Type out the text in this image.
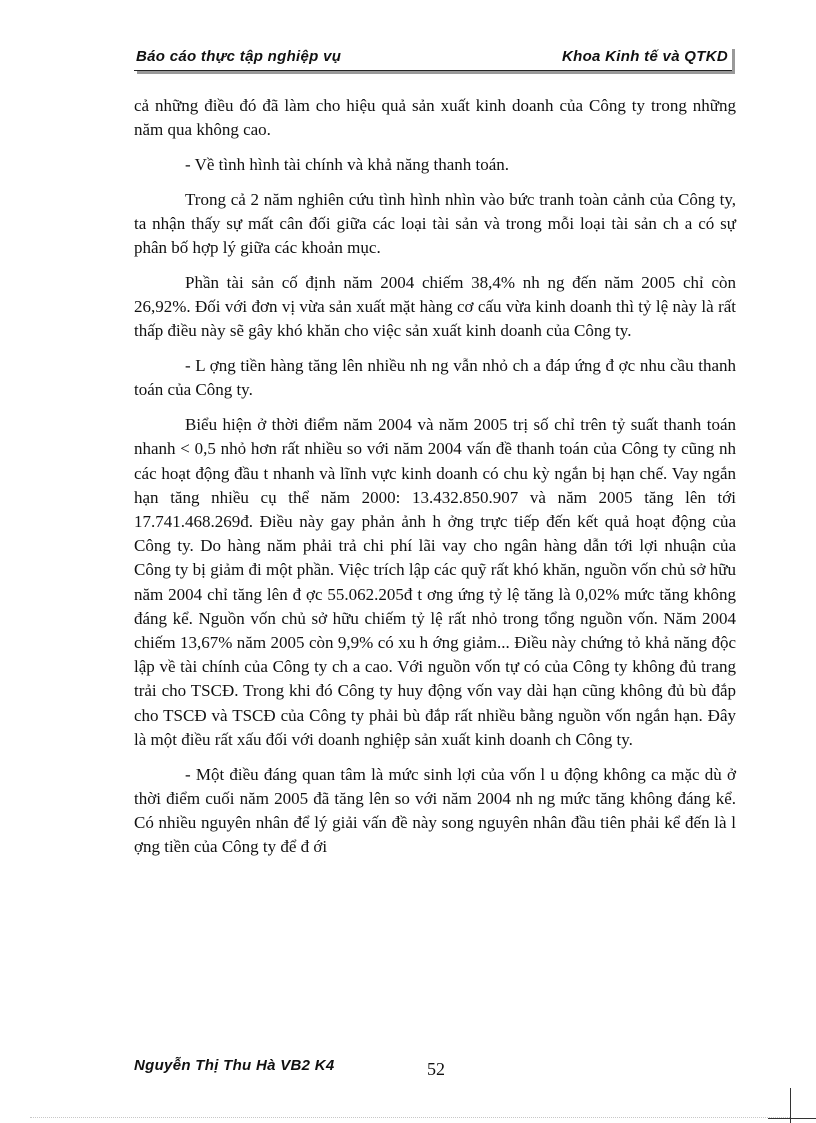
Báo cáo thực tập nghiệp vụ	Khoa Kinh tế và QTKD

cả những điều đó đã làm cho hiệu quả sản xuất kinh doanh của Công ty trong những năm qua không cao.

- Về tình hình tài chính và khả năng thanh toán.

Trong cả 2 năm nghiên cứu tình hình nhìn vào bức tranh toàn cảnh của Công ty, ta nhận thấy sự mất cân đối giữa các loại tài sản và trong mỗi loại tài sản ch a có sự phân bố hợp lý giữa các khoản mục.

Phần tài sản cố định năm 2004 chiếm 38,4% nh ng đến năm 2005 chỉ còn 26,92%. Đối với đơn vị vừa sản xuất mặt hàng cơ cấu vừa kinh doanh thì tỷ lệ này là rất thấp điều này sẽ gây khó khăn cho việc sản xuất kinh doanh của Công ty.

- L ợng tiền hàng tăng lên nhiều nh ng vẫn nhỏ ch a đáp ứng đ ợc nhu cầu thanh toán của Công ty.

Biểu hiện ở thời điểm năm 2004 và năm 2005 trị số chỉ trên tỷ suất thanh toán nhanh < 0,5 nhỏ hơn rất nhiều so với năm 2004 vấn đề thanh toán của Công ty cũng nh các hoạt động đầu t nhanh và lĩnh vực kinh doanh có chu kỳ ngắn bị hạn chế. Vay ngắn hạn tăng nhiều cụ thể năm 2000: 13.432.850.907 và năm 2005 tăng lên tới 17.741.468.269đ. Điều này gay phản ảnh h ởng trực tiếp đến kết quả hoạt động của Công ty. Do hàng năm phải trả chi phí lãi vay cho ngân hàng dẫn tới lợi nhuận của Công ty bị giảm đi một phần. Việc trích lập các quỹ rất khó khăn, nguồn vốn chủ sở hữu năm 2004 chỉ tăng lên đ ợc 55.062.205đ t ơng ứng tỷ lệ tăng là 0,02% mức tăng không đáng kể. Nguồn vốn chủ sở hữu chiếm tỷ lệ rất nhỏ trong tổng nguồn vốn. Năm 2004 chiếm 13,67% năm 2005 còn 9,9% có xu h ớng giảm... Điều này chứng tỏ khả năng độc lập về tài chính của Công ty ch a cao. Với nguồn vốn tự có của Công ty không đủ trang trải cho TSCĐ. Trong khi đó Công ty huy động vốn vay dài hạn cũng không đủ bù đắp cho TSCĐ và TSCĐ của Công ty phải bù đắp rất nhiều bằng nguồn vốn ngắn hạn. Đây là một điều rất xấu đối với doanh nghiệp sản xuất kinh doanh ch Công ty.

- Một điều đáng quan tâm là mức sinh lợi của vốn l u động không ca mặc dù ở thời điểm cuối năm 2005 đã tăng lên so với năm 2004 nh ng mức tăng không đáng kể. Có nhiều nguyên nhân để lý giải vấn đề này song nguyên nhân đầu tiên phải kể đến là l ợng tiền của Công ty để đ ới

Nguyễn Thị Thu Hà VB2 K4	52
